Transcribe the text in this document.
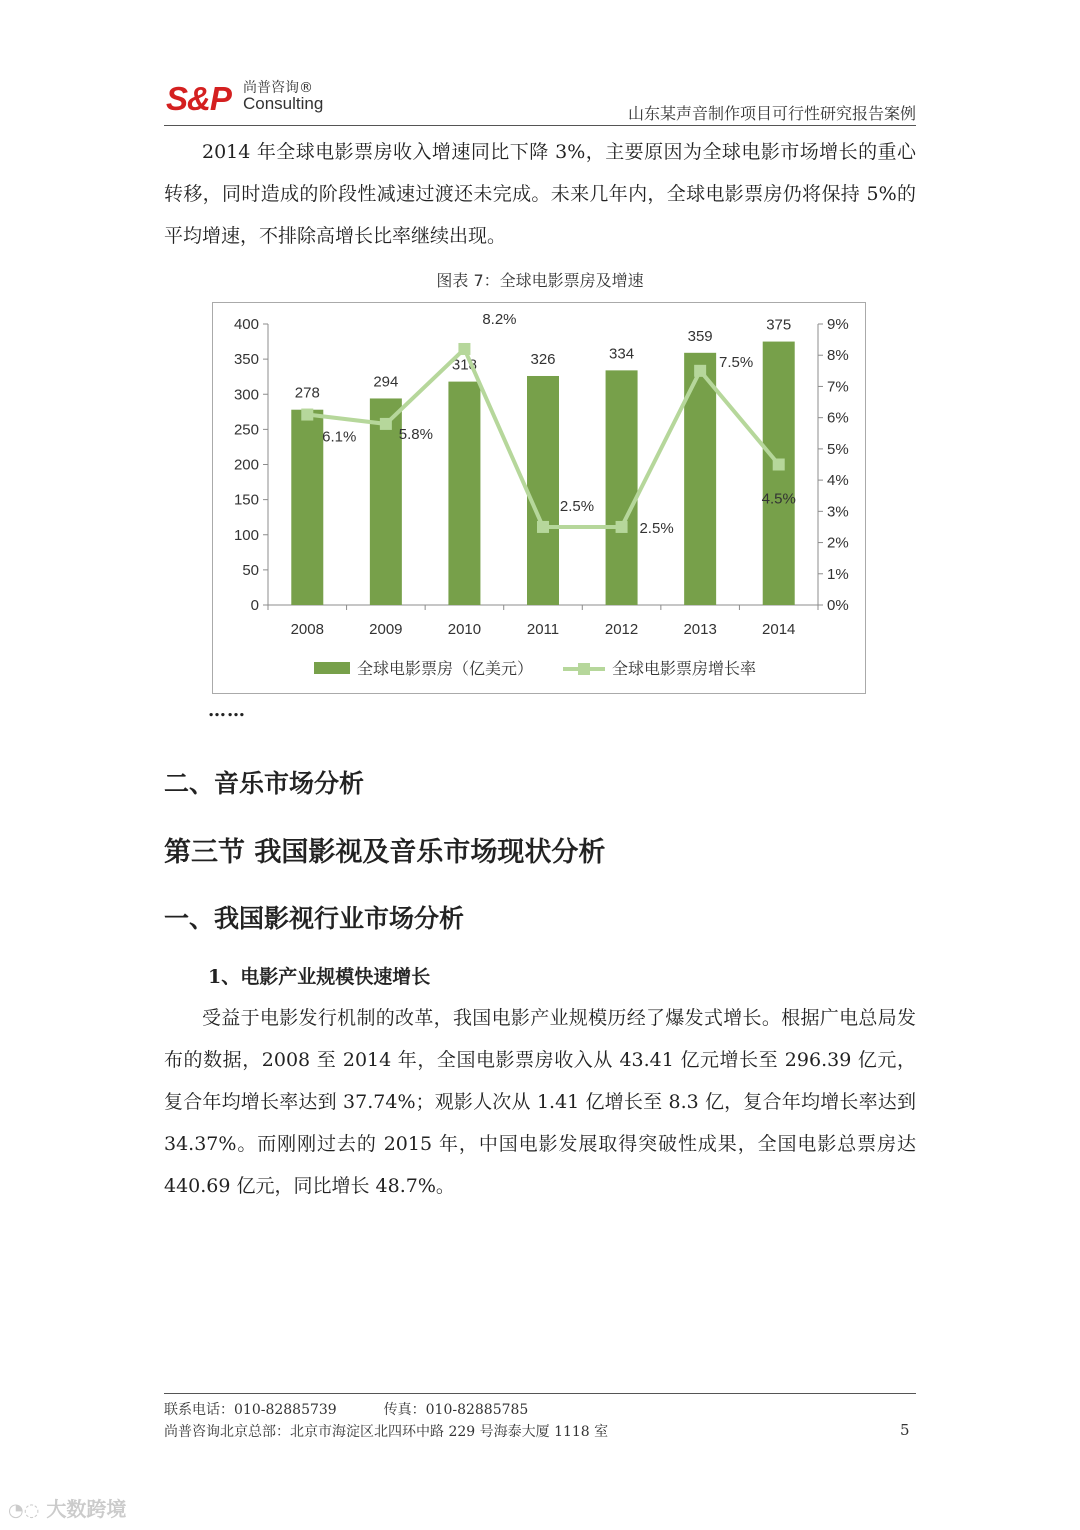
S&P 尚普咨询®
Consulting
山东某声音制作项目可行性研究报告案例

2014 年全球电影票房收入增速同比下降 3%，主要原因为全球电影市场增长的重心转移，同时造成的阶段性减速过渡还未完成。未来几年内，全球电影票房仍将保持 5%的平均增速，不排除高增长比率继续出现。

图表 7：全球电影票房及增速
0
50
100
150
200
250
300
350
400
0%
1%
2%
3%
4%
5%
6%
7%
8%
9%
2008	2009	2010	2011	2012	2013	2014
278
294
318	326	334
359
375
6.1%	5.8%
8.2%
2.5%
2.5%
7.5%
4.5%
全球电影票房（亿美元）	全球电影票房增长率
……
二、音乐市场分析
第三节 我国影视及音乐市场现状分析
一、我国影视行业市场分析
1、电影产业规模快速增长

受益于电影发行机制的改革，我国电影产业规模历经了爆发式增长。根据广电总局发布的数据，2008 至 2014 年，全国电影票房收入从 43.41 亿元增长至 296.39 亿元，复合年均增长率达到 37.74%；观影人次从 1.41 亿增长至 8.3 亿，复合年均增长率达到 34.37%。而刚刚过去的 2015 年，中国电影发展取得突破性成果，全国电影总票房达 440.69 亿元，同比增长 48.7%。

联系电话：010-82885739	传真：010-82885785
尚普咨询北京总部：北京市海淀区北四环中路 229 号海泰大厦 1118 室	5
◔◌ 大数跨境
